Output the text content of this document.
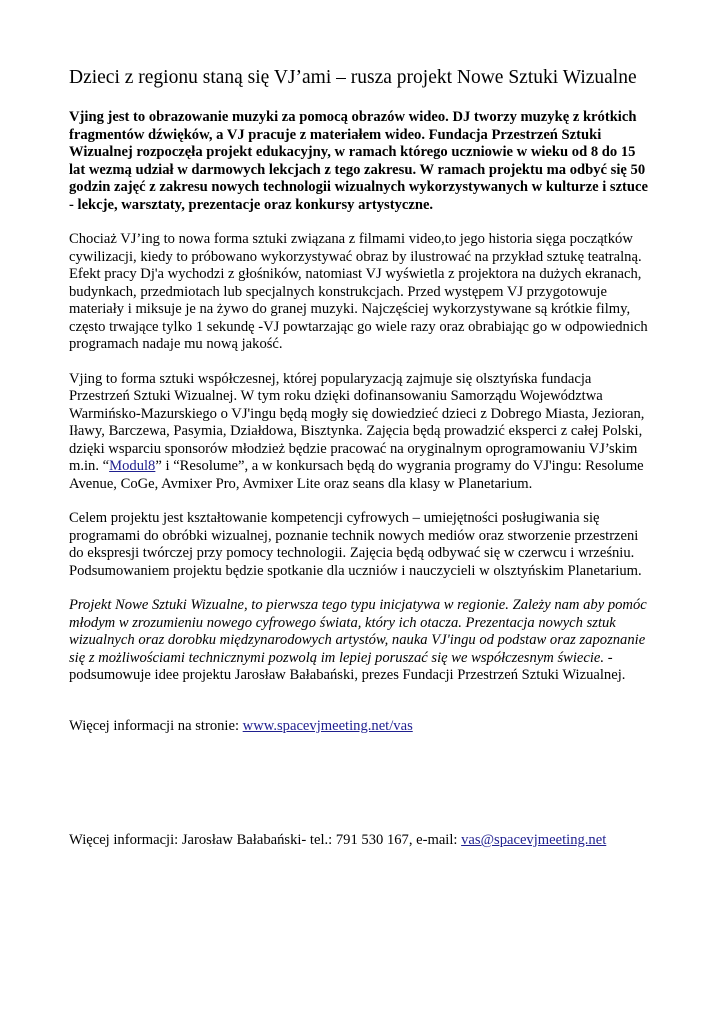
Dzieci z regionu staną się VJ’ami – rusza projekt Nowe Sztuki Wizualne

Vjing jest to obrazowanie muzyki za pomocą obrazów wideo. DJ tworzy muzykę z krótkich fragmentów dźwięków, a VJ pracuje z materiałem wideo. Fundacja Przestrzeń Sztuki Wizualnej rozpoczęła projekt edukacyjny, w ramach którego uczniowie w wieku od 8 do 15 lat wezmą udział w darmowych lekcjach z tego zakresu. W ramach projektu ma odbyć się 50 godzin zajęć z zakresu nowych technologii wizualnych wykorzystywanych w kulturze i sztuce - lekcje, warsztaty, prezentacje oraz konkursy artystyczne.

Chociaż VJ’ing to nowa forma sztuki związana z filmami video,to jego historia sięga początków cywilizacji, kiedy to próbowano wykorzystywać obraz by ilustrować na przykład sztukę teatralną. Efekt pracy Dj'a wychodzi z głośników, natomiast VJ wyświetla z projektora na dużych ekranach, budynkach, przedmiotach lub specjalnych konstrukcjach. Przed występem VJ przygotowuje materiały i miksuje je na żywo do granej muzyki. Najczęściej wykorzystywane są krótkie filmy, często trwające tylko 1 sekundę -VJ powtarzając go wiele razy oraz obrabiając go w odpowiednich programach nadaje mu nową jakość.

Vjing to forma sztuki współczesnej, której popularyzacją zajmuje się olsztyńska fundacja Przestrzeń Sztuki Wizualnej. W tym roku dzięki dofinansowaniu Samorządu Województwa Warmińsko-Mazurskiego o VJ'ingu będą mogły się dowiedzieć dzieci z Dobrego Miasta, Jezioran, Iławy, Barczewa, Pasymia, Działdowa, Bisztynka. Zajęcia będą prowadzić eksperci z całej Polski, dzięki wsparciu sponsorów młodzież będzie pracować na oryginalnym oprogramowaniu VJ’skim m.in. “Modul8” i “Resolume”, a w konkursach będą do wygrania programy do VJ'ingu: Resolume Avenue, CoGe, Avmixer Pro, Avmixer Lite oraz seans dla klasy w Planetarium.

Celem projektu jest kształtowanie kompetencji cyfrowych – umiejętności posługiwania się programami do obróbki wizualnej, poznanie technik nowych mediów oraz stworzenie przestrzeni do ekspresji twórczej przy pomocy technologii. Zajęcia będą odbywać się w czerwcu i wrześniu. Podsumowaniem projektu będzie spotkanie dla uczniów i nauczycieli w olsztyńskim Planetarium.

Projekt Nowe Sztuki Wizualne, to pierwsza tego typu inicjatywa w regionie. Zależy nam aby pomóc młodym w zrozumieniu nowego cyfrowego świata, który ich otacza. Prezentacja nowych sztuk wizualnych oraz dorobku międzynarodowych artystów, nauka VJ'ingu od podstaw oraz zapoznanie się z możliwościami technicznymi pozwolą im lepiej poruszać się we współczesnym świecie. - podsumowuje idee projektu Jarosław Bałabański, prezes Fundacji Przestrzeń Sztuki Wizualnej.

Więcej informacji na stronie: www.spacevjmeeting.net/vas

Więcej informacji: Jarosław Bałabański- tel.: 791 530 167, e-mail: vas@spacevjmeeting.net
